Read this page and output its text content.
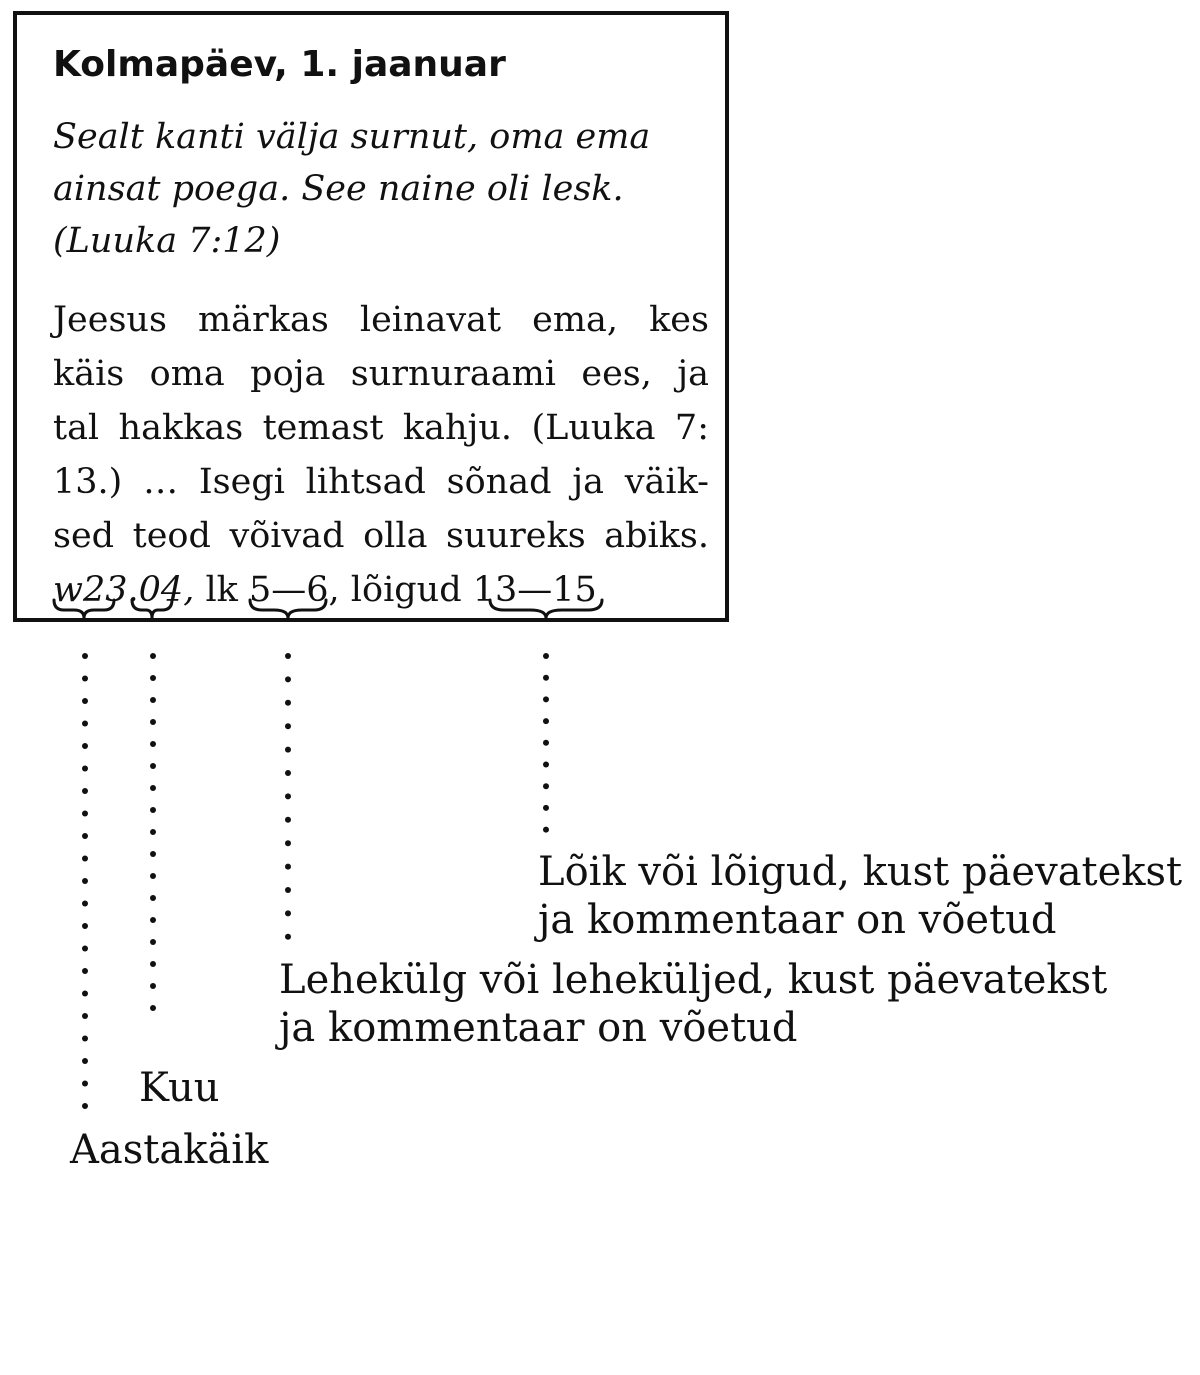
Kolmapäev, 1. jaanuar
Sealt kanti välja surnut, oma ema
ainsat poega. See naine oli lesk.
(Luuka 7:12)
Jeesus märkas leinavat ema, kes
käis oma poja surnuraami ees, ja
tal hakkas temast kahju. (Luuka 7:
13.) … Isegi lihtsad sõnad ja väik-
sed teod võivad olla suureks abiks.
w23.04, lk 5—6, lõigud 13—15
Lõik või lõigud, kust päevatekst
ja kommentaar on võetud
Lehekülg või leheküljed, kust päevatekst
ja kommentaar on võetud
Kuu
Aastakäik
